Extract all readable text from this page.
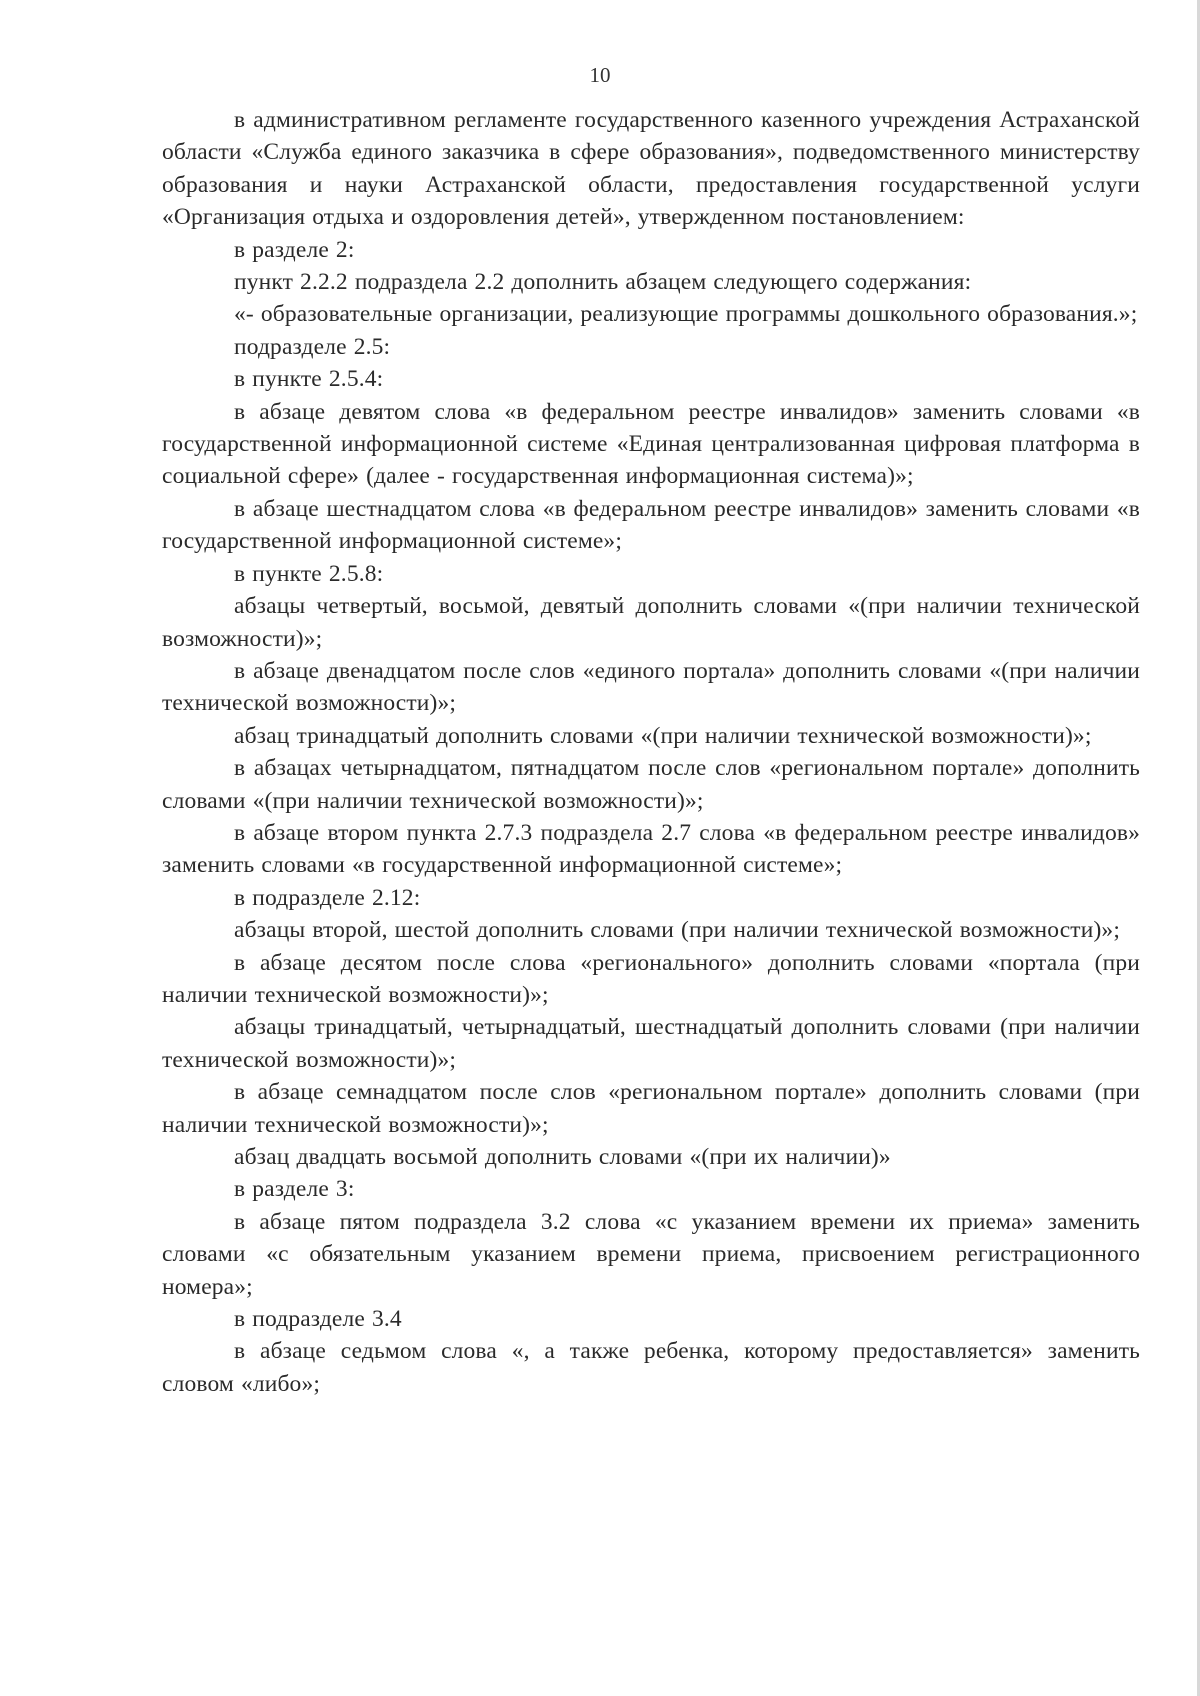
10

в административном регламенте государственного казенного учреждения Астраханской области «Служба единого заказчика в сфере образования», подведомственного министерству образования и науки Астраханской области, предоставления государственной услуги «Организация отдыха и оздоровления детей», утвержденном постановлением:

в разделе 2:

пункт 2.2.2 подраздела 2.2 дополнить абзацем следующего содержания:

«- образовательные организации, реализующие программы дошкольного образования.»;

подразделе 2.5:

в пункте 2.5.4:

в абзаце девятом слова «в федеральном реестре инвалидов» заменить словами «в государственной информационной системе «Единая централизованная цифровая платформа в социальной сфере» (далее - государственная информационная система)»;

в абзаце шестнадцатом слова «в федеральном реестре инвалидов» заменить словами «в государственной информационной системе»;

в пункте 2.5.8:

абзацы четвертый, восьмой, девятый дополнить словами «(при наличии технической возможности)»;

в абзаце двенадцатом после слов «единого портала» дополнить словами «(при наличии технической возможности)»;

абзац тринадцатый дополнить словами «(при наличии технической возможности)»;

в абзацах четырнадцатом, пятнадцатом после слов «региональном портале» дополнить словами «(при наличии технической возможности)»;

в абзаце втором пункта 2.7.3 подраздела 2.7 слова «в федеральном реестре инвалидов» заменить словами «в государственной информационной системе»;

в подразделе 2.12:

абзацы второй, шестой дополнить словами (при наличии технической возможности)»;

в абзаце десятом после слова «регионального» дополнить словами «портала (при наличии технической возможности)»;

абзацы тринадцатый, четырнадцатый, шестнадцатый дополнить словами (при наличии технической возможности)»;

в абзаце семнадцатом после слов «региональном портале» дополнить словами (при наличии технической возможности)»;

абзац двадцать восьмой дополнить словами «(при их наличии)»

в разделе 3:

в абзаце пятом подраздела 3.2 слова «с указанием времени их приема» заменить словами «с обязательным указанием времени приема, присвоением регистрационного номера»;

в подразделе 3.4

в абзаце седьмом слова «, а также ребенка, которому предоставляется» заменить словом «либо»;
